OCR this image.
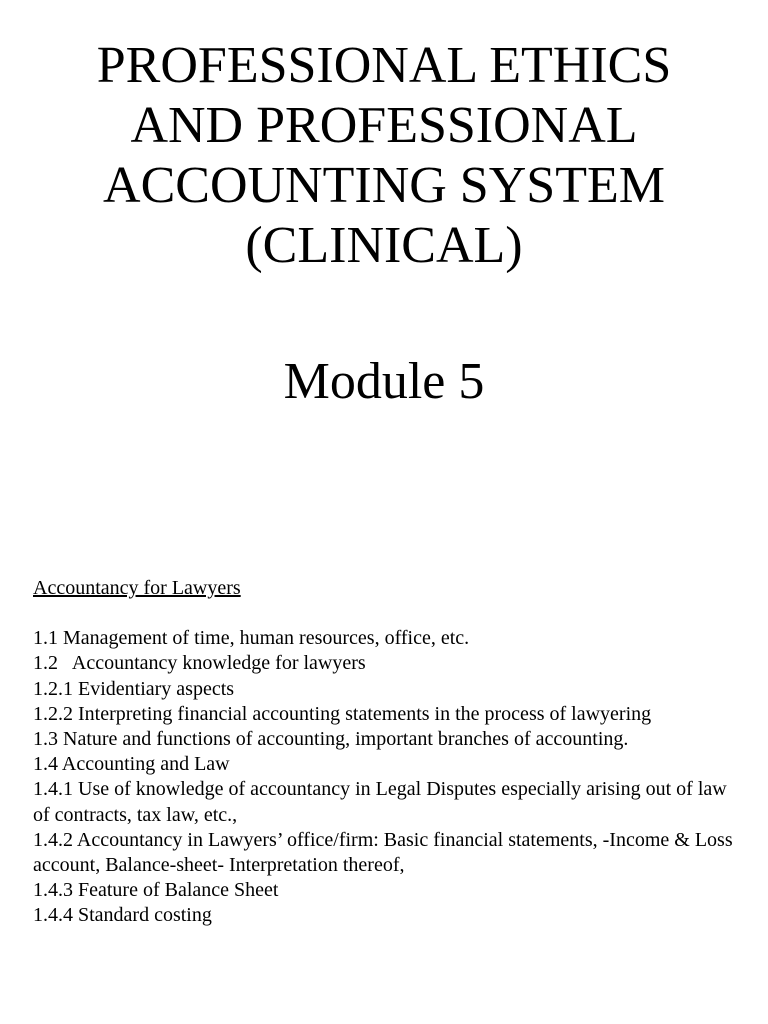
PROFESSIONAL ETHICS
AND PROFESSIONAL
ACCOUNTING SYSTEM
(CLINICAL)
Module 5
Accountancy for Lawyers
1.1 Management of time, human resources, office, etc.
1.2   Accountancy knowledge for lawyers
1.2.1 Evidentiary aspects
1.2.2 Interpreting financial accounting statements in the process of lawyering
1.3 Nature and functions of accounting, important branches of accounting.
1.4 Accounting and Law
1.4.1 Use of knowledge of accountancy in Legal Disputes especially arising out of law of contracts, tax law, etc.,
1.4.2 Accountancy in Lawyers’ office/firm: Basic financial statements, -Income & Loss account, Balance-sheet- Interpretation thereof,
1.4.3 Feature of Balance Sheet
1.4.4 Standard costing
